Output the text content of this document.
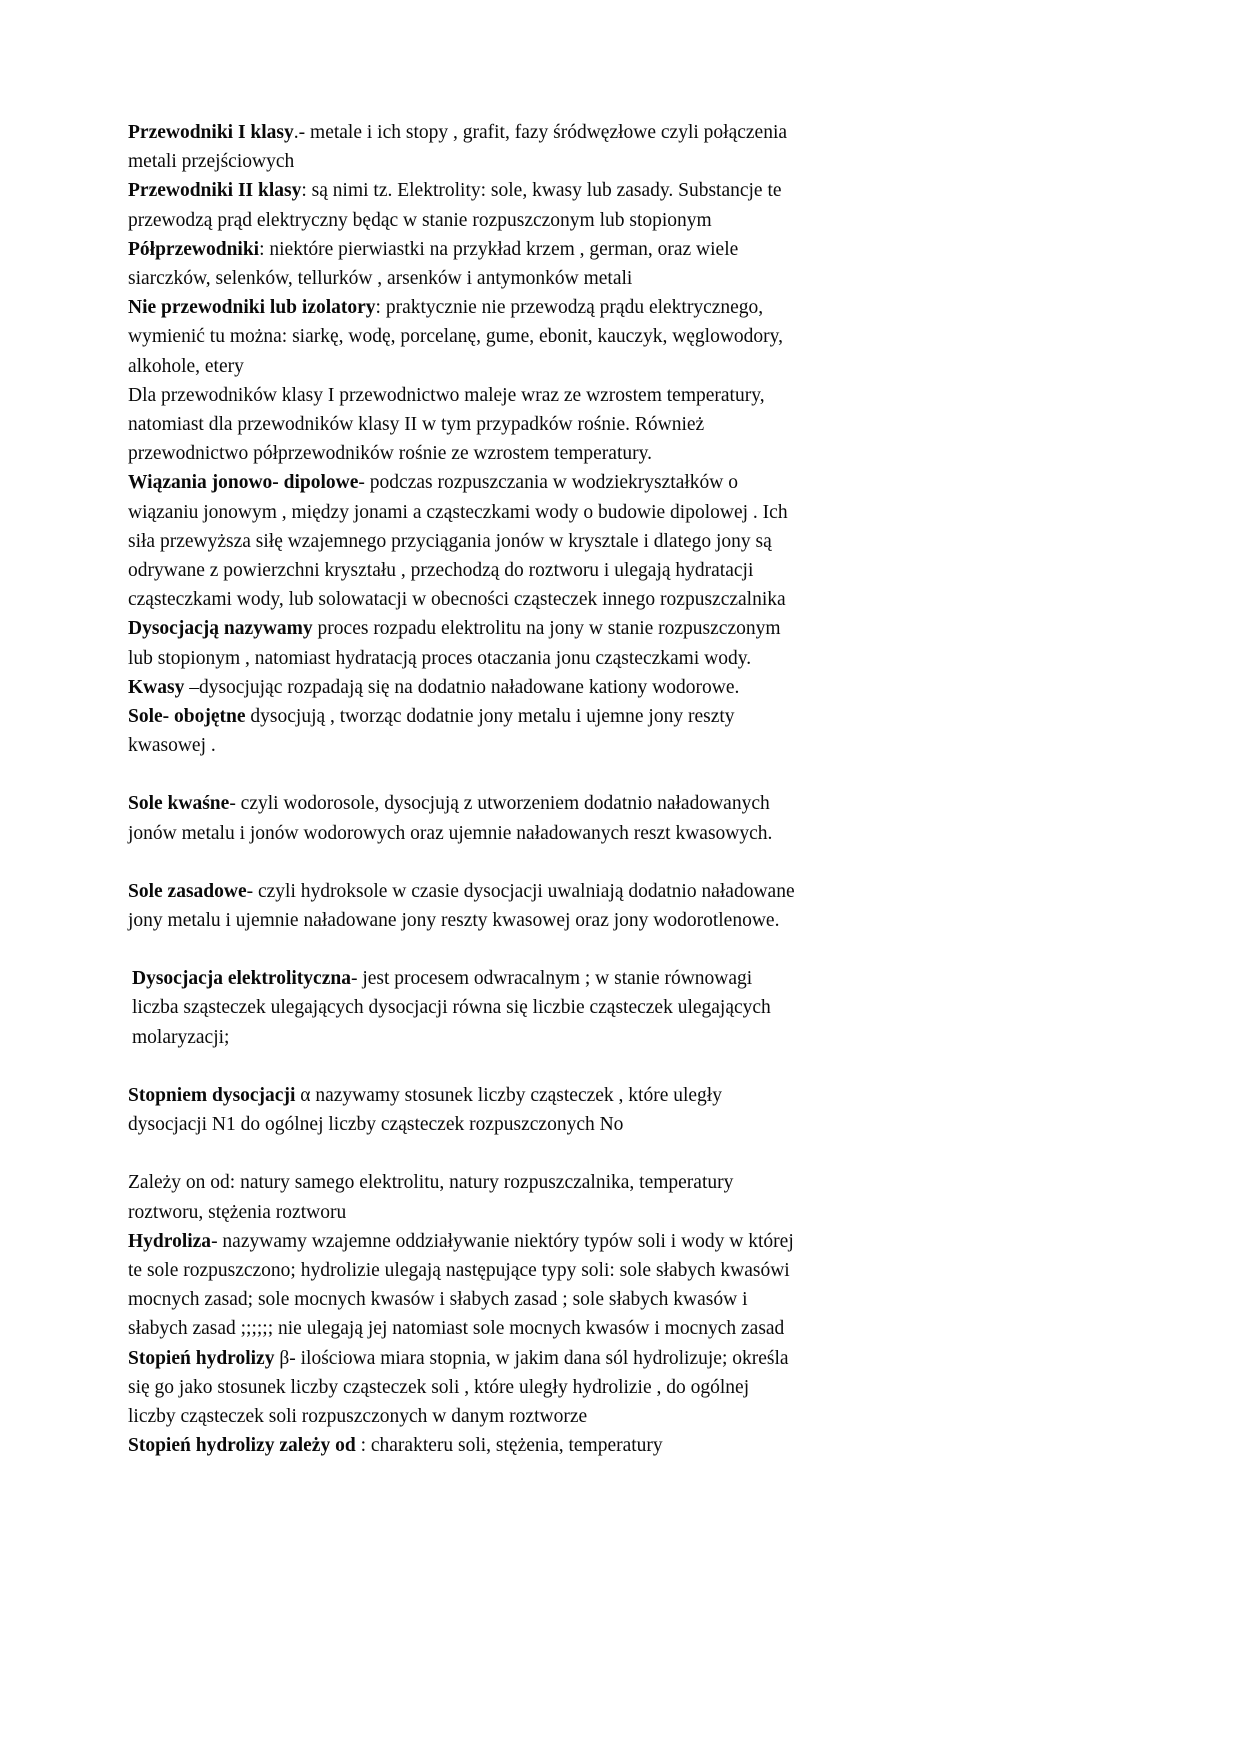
Przewodniki I klasy.- metale i ich stopy , grafit, fazy śródwęzłowe czyli połączenia metali przejściowych

Przewodniki II klasy: są nimi tz. Elektrolity: sole, kwasy lub zasady. Substancje te przewodzą prąd elektryczny będąc w stanie rozpuszczonym lub stopionym

Półprzewodniki: niektóre pierwiastki na przykład krzem , german, oraz wiele siarczków, selenków, tellurków , arsenków i antymonków metali

Nie przewodniki lub izolatory: praktycznie nie przewodzą prądu elektrycznego, wymienić tu można: siarkę, wodę, porcelanę, gume, ebonit, kauczyk, węglowodory, alkohole, etery

Dla przewodników klasy I przewodnictwo maleje wraz ze wzrostem temperatury, natomiast dla przewodników klasy II w tym przypadków rośnie. Również przewodnictwo półprzewodników rośnie ze wzrostem temperatury.

Wiązania jonowo- dipolowe- podczas rozpuszczania w wodziekryształków o wiązaniu jonowym , między jonami a cząsteczkami wody o budowie dipolowej . Ich siła przewyższa siłę wzajemnego przyciągania jonów w krysztale i dlatego jony są odrywane z powierzchni kryształu , przechodzą do roztworu i ulegają hydratacji cząsteczkami wody, lub solowatacji w obecności cząsteczek innego rozpuszczalnika

Dysocjacją nazywamy proces rozpadu elektrolitu na jony w stanie rozpuszczonym lub stopionym , natomiast hydratacją proces otaczania jonu cząsteczkami wody.

Kwasy –dysocjując rozpadają się na dodatnio naładowane kationy wodorowe.

Sole- obojętne dysocjują , tworząc dodatnie jony metalu i ujemne jony reszty kwasowej .

Sole kwaśne- czyli wodorosole, dysocjują z utworzeniem dodatnio naładowanych jonów metalu i jonów wodorowych oraz ujemnie naładowanych reszt kwasowych.

Sole zasadowe- czyli hydroksole w czasie dysocjacji uwalniają dodatnio naładowane jony metalu i ujemnie naładowane jony reszty kwasowej oraz jony wodorotlenowe.

Dysocjacja elektrolityczna- jest procesem odwracalnym ; w stanie równowagi liczba sząsteczek ulegających dysocjacji równa się liczbie cząsteczek ulegających molaryzacji;

Stopniem dysocjacji α nazywamy stosunek liczby cząsteczek , które uległy dysocjacji N1 do ogólnej liczby cząsteczek rozpuszczonych No

Zależy on od: natury samego elektrolitu, natury rozpuszczalnika, temperatury roztworu, stężenia roztworu

Hydroliza- nazywamy wzajemne oddziaływanie niektóry typów soli i wody w której te sole rozpuszczono; hydrolizie ulegają następujące typy soli: sole słabych kwasówi mocnych zasad; sole mocnych kwasów i słabych zasad ; sole słabych kwasów i słabych zasad ;;;;;; nie ulegają jej natomiast sole mocnych kwasów i mocnych zasad

Stopień hydrolizy β- ilościowa miara stopnia, w jakim dana sól hydrolizuje; określa się go jako stosunek liczby cząsteczek soli , które uległy hydrolizie , do ogólnej liczby cząsteczek soli rozpuszczonych w danym roztworze

Stopień hydrolizy zależy od : charakteru soli, stężenia, temperatury
